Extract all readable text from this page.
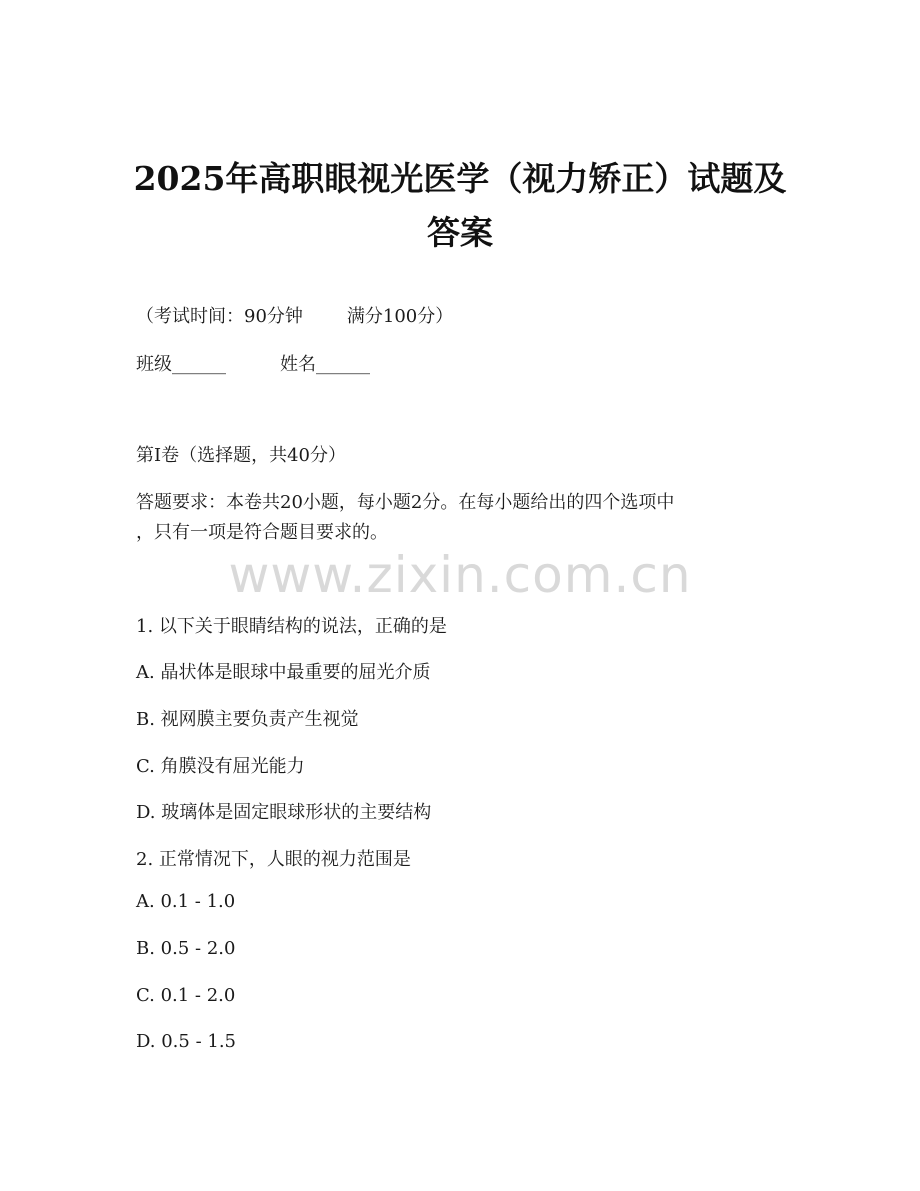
2025年高职眼视光医学（视力矫正）试题及
答案
（考试时间：90分钟 满分100分）
班级______	姓名______
第I卷（选择题，共40分）
答题要求：本卷共20小题，每小题2分。在每小题给出的四个选项中
，只有一项是符合题目要求的。
www.zixin.com.cn
1. 以下关于眼睛结构的说法，正确的是
A. 晶状体是眼球中最重要的屈光介质
B. 视网膜主要负责产生视觉
C. 角膜没有屈光能力
D. 玻璃体是固定眼球形状的主要结构
2. 正常情况下，人眼的视力范围是
A. 0.1 - 1.0
B. 0.5 - 2.0
C. 0.1 - 2.0
D. 0.5 - 1.5
